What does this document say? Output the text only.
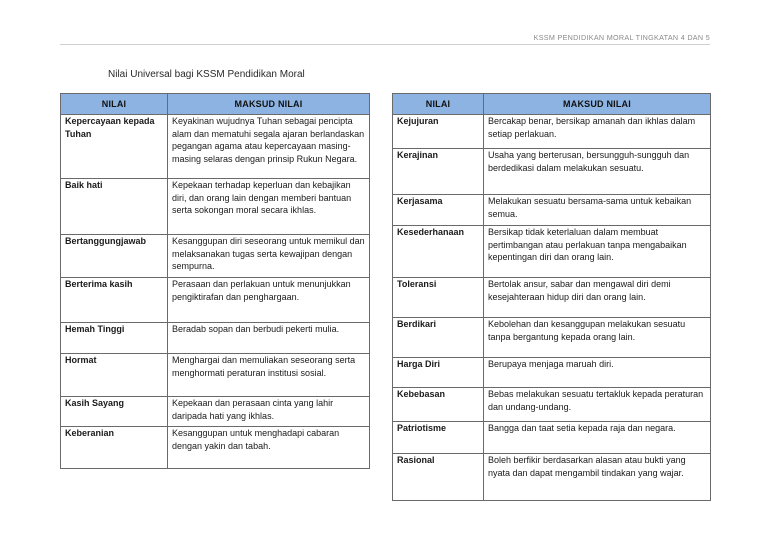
KSSM PENDIDIKAN MORAL TINGKATAN 4 DAN 5
Nilai Universal bagi KSSM Pendidikan Moral
NILAI	MAKSUD NILAI
Kepercayaan kepada Tuhan	Keyakinan wujudnya Tuhan sebagai pencipta alam dan mematuhi segala ajaran berlandaskan pegangan agama atau kepercayaan masing-masing selaras dengan prinsip Rukun Negara.
Baik hati	Kepekaan terhadap keperluan dan kebajikan diri, dan orang lain dengan memberi bantuan serta sokongan moral secara ikhlas.
Bertanggungjawab	Kesanggupan diri seseorang untuk memikul dan melaksanakan tugas serta kewajipan dengan sempurna.
Berterima kasih	Perasaan dan perlakuan untuk menunjukkan pengiktirafan dan penghargaan.
Hemah Tinggi	Beradab sopan dan berbudi pekerti mulia.
Hormat	Menghargai dan memuliakan seseorang serta menghormati peraturan institusi sosial.
Kasih Sayang	Kepekaan dan perasaan cinta yang lahir daripada hati yang ikhlas.
Keberanian	Kesanggupan untuk menghadapi cabaran dengan yakin dan tabah.
NILAI	MAKSUD NILAI
Kejujuran	Bercakap benar, bersikap amanah dan ikhlas dalam setiap perlakuan.
Kerajinan	Usaha yang berterusan, bersungguh-sungguh dan berdedikasi dalam melakukan sesuatu.
Kerjasama	Melakukan sesuatu bersama-sama untuk kebaikan semua.
Kesederhanaan	Bersikap tidak keterlaluan dalam membuat pertimbangan atau perlakuan tanpa mengabaikan kepentingan diri dan orang lain.
Toleransi	Bertolak ansur, sabar dan mengawal diri demi kesejahteraan hidup diri dan orang lain.
Berdikari	Kebolehan dan kesanggupan melakukan sesuatu tanpa bergantung kepada orang lain.
Harga Diri	Berupaya menjaga maruah diri.
Kebebasan	Bebas melakukan sesuatu tertakluk kepada peraturan dan undang-undang.
Patriotisme	Bangga dan taat setia kepada raja dan negara.
Rasional	Boleh berfikir berdasarkan alasan atau bukti yang nyata dan dapat mengambil tindakan yang wajar.
